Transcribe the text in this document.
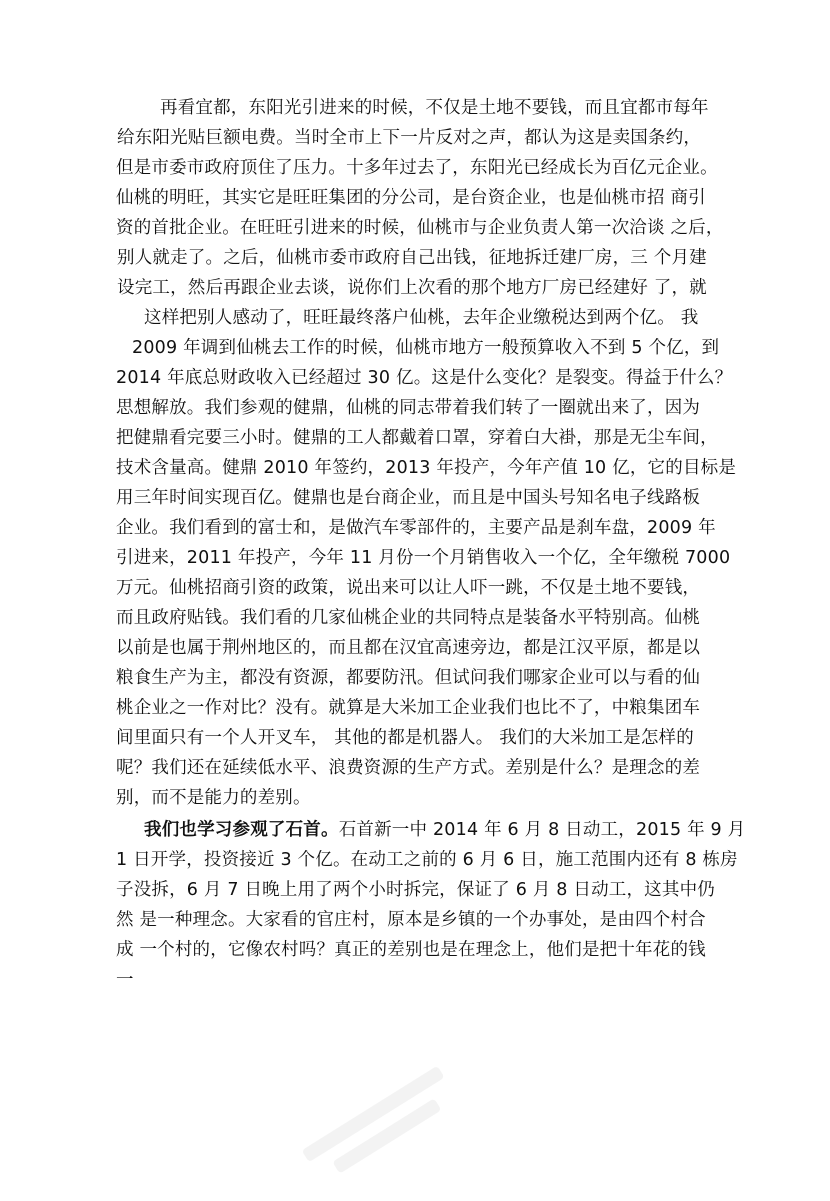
再看宜都，东阳光引进来的时候，不仅是土地不要钱，而且宜都市每年
给东阳光贴巨额电费。当时全市上下一片反对之声，都认为这是卖国条约，
但是市委市政府顶住了压力。十多年过去了，东阳光已经成长为百亿元企业。
仙桃的明旺，其实它是旺旺集团的分公司，是台资企业，也是仙桃市招 商引
资的首批企业。在旺旺引进来的时候，仙桃市与企业负责人第一次洽谈 之后，
别人就走了。之后，仙桃市委市政府自己出钱，征地拆迁建厂房，三 个月建
设完工，然后再跟企业去谈，说你们上次看的那个地方厂房已经建好 了，就
这样把别人感动了，旺旺最终落户仙桃，去年企业缴税达到两个亿。 我
2009 年调到仙桃去工作的时候，仙桃市地方一般预算收入不到 5 个亿，到
2014 年底总财政收入已经超过 30 亿。这是什么变化？是裂变。得益于什么？
思想解放。我们参观的健鼎，仙桃的同志带着我们转了一圈就出来了，因为
把健鼎看完要三小时。健鼎的工人都戴着口罩，穿着白大褂，那是无尘车间，
技术含量高。健鼎 2010 年签约，2013 年投产，今年产值 10 亿，它的目标是
用三年时间实现百亿。健鼎也是台商企业，而且是中国头号知名电子线路板
企业。我们看到的富士和，是做汽车零部件的，主要产品是刹车盘，2009 年
引进来，2011 年投产，今年 11 月份一个月销售收入一个亿，全年缴税 7000
万元。仙桃招商引资的政策，说出来可以让人吓一跳，不仅是土地不要钱，
而且政府贴钱。我们看的几家仙桃企业的共同特点是装备水平特别高。仙桃
以前是也属于荆州地区的，而且都在汉宜高速旁边，都是江汉平原，都是以
粮食生产为主，都没有资源，都要防汛。但试问我们哪家企业可以与看的仙
桃企业之一作对比？没有。就算是大米加工企业我们也比不了，中粮集团车
间里面只有一个人开叉车， 其他的都是机器人。 我们的大米加工是怎样的
呢？我们还在延续低水平、浪费资源的生产方式。差别是什么？是理念的差
别，而不是能力的差别。
我们也学习参观了石首。石首新一中 2014 年 6 月 8 日动工，2015 年 9 月
1 日开学，投资接近 3 个亿。在动工之前的 6 月 6 日，施工范围内还有 8 栋房
子没拆，6 月 7 日晚上用了两个小时拆完，保证了 6 月 8 日动工，这其中仍
然 是一种理念。大家看的官庄村，原本是乡镇的一个办事处，是由四个村合
成 一个村的，它像农村吗？真正的差别也是在理念上，他们是把十年花的钱
一
